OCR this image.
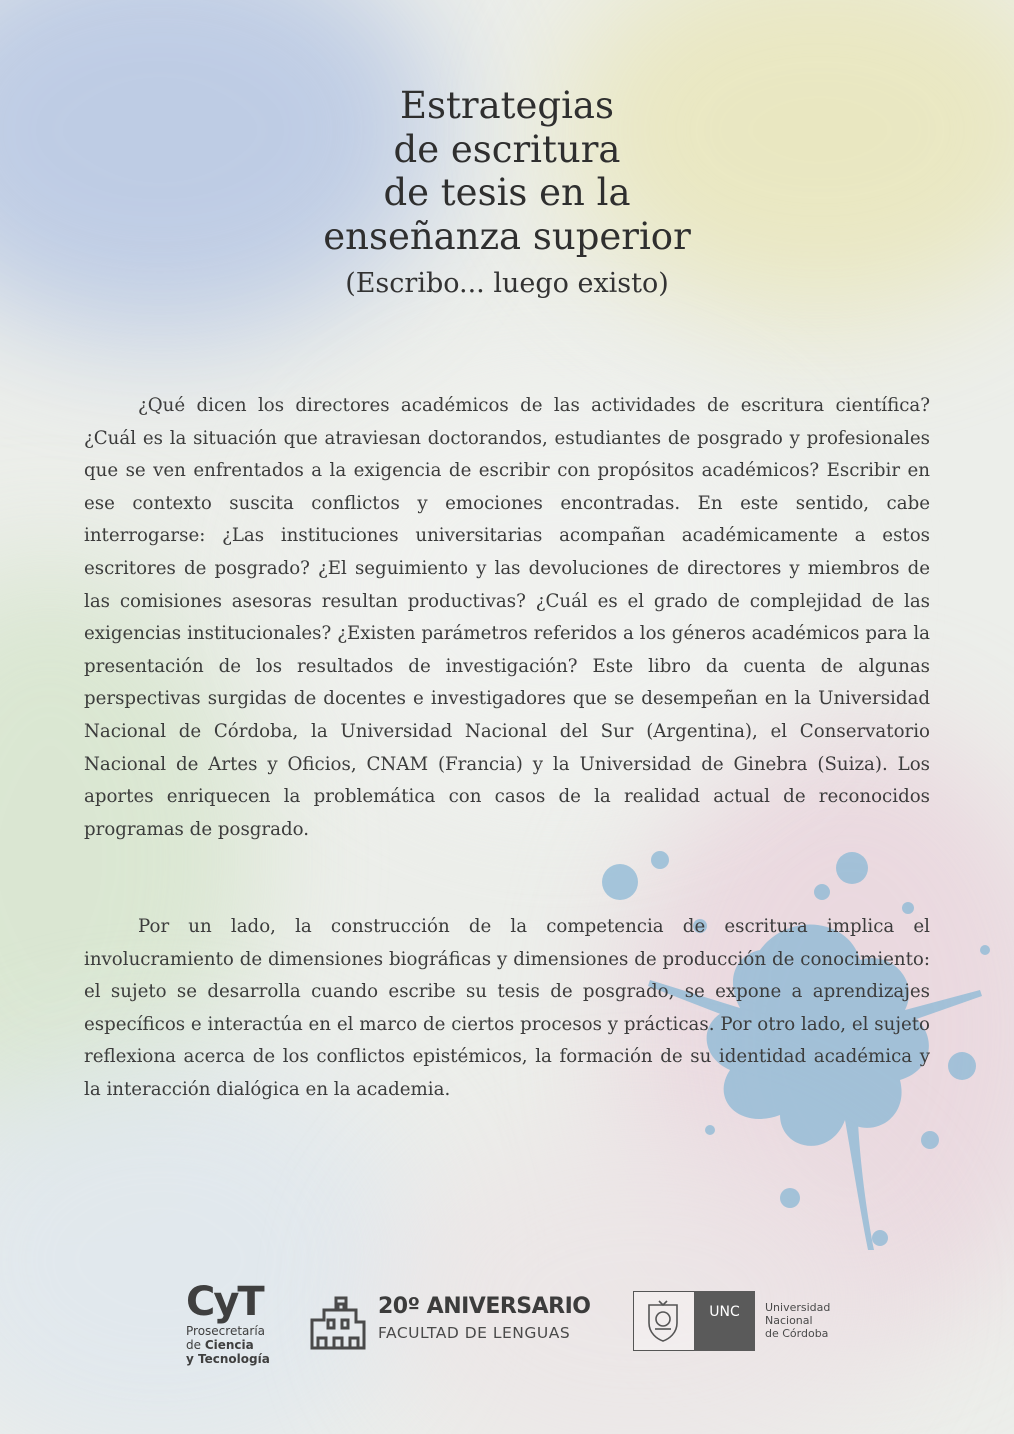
Estrategias
de escritura
de tesis en la
enseñanza superior
(Escribo... luego existo)

¿Qué dicen los directores académicos de las actividades de escritura científica? ¿Cuál es la situación que atraviesan doctorandos, estudiantes de posgrado y profesionales que se ven enfrentados a la exigencia de escribir con propósitos académicos? Escribir en ese contexto suscita conflictos y emociones encontradas. En este sentido, cabe interrogarse: ¿Las instituciones universitarias acompañan académicamente a estos escritores de posgrado? ¿El seguimiento y las devoluciones de directores y miembros de las comisiones asesoras resultan productivas? ¿Cuál es el grado de complejidad de las exigencias institucionales? ¿Existen parámetros referidos a los géneros académicos para la presentación de los resultados de investigación? Este libro da cuenta de algunas perspectivas surgidas de docentes e investigadores que se desempeñan en la Universidad Nacional de Córdoba, la Universidad Nacional del Sur (Argentina), el Conservatorio Nacional de Artes y Oficios, CNAM (Francia) y la Universidad de Ginebra (Suiza). Los aportes enriquecen la problemática con casos de la realidad actual de reconocidos programas de posgrado.

Por un lado, la construcción de la competencia de escritura implica el involucramiento de dimensiones biográficas y dimensiones de producción de conocimiento: el sujeto se desarrolla cuando escribe su tesis de posgrado, se expone a aprendizajes específicos e interactúa en el marco de ciertos procesos y prácticas. Por otro lado, el sujeto reflexiona acerca de los conflictos epistémicos, la formación de su identidad académica y la interacción dialógica en la academia.

CyT
Prosecretaría
de Ciencia
y Tecnología
20º ANIVERSARIO
FACULTAD DE LENGUAS
UNC	Universidad
Nacional
de Córdoba
